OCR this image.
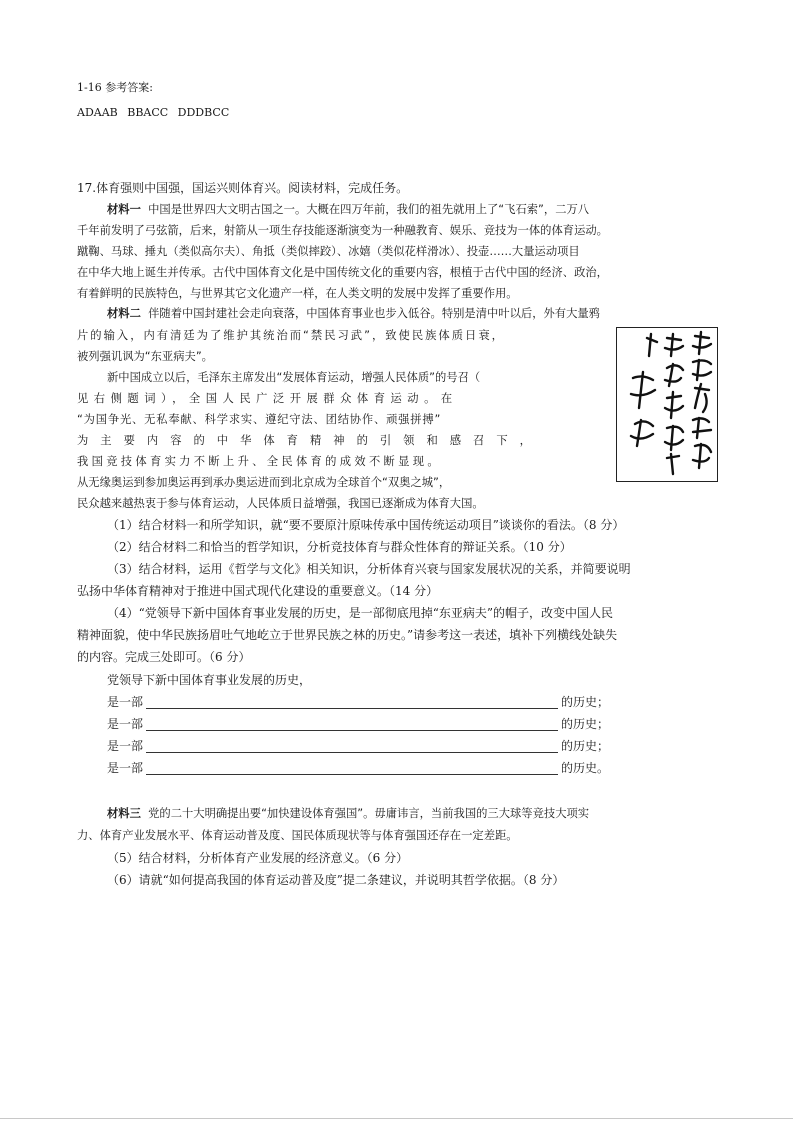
1-16 参考答案:
ADAAB BBACC DDDBCC
17.体育强则中国强，国运兴则体育兴。阅读材料，完成任务。
材料一 中国是世界四大文明古国之一。大概在四万年前，我们的祖先就用上了“飞石索”，二万八
千年前发明了弓弦箭，后来，射箭从一项生存技能逐渐演变为一种融教育、娱乐、竞技为一体的体育运动。
蹴鞠、马球、捶丸（类似高尔夫）、角抵（类似摔跤）、冰嬉（类似花样滑冰）、投壶……大量运动项目
在中华大地上诞生并传承。古代中国体育文化是中国传统文化的重要内容，根植于古代中国的经济、政治，
有着鲜明的民族特色，与世界其它文化遗产一样，在人类文明的发展中发挥了重要作用。
材料二 伴随着中国封建社会走向衰落，中国体育事业也步入低谷。特别是清中叶以后，外有大量鸦
片的输入，内有清廷为了维护其统治而“禁民习武”，致使民族体质日衰，
被列强讥讽为“东亚病夫”。
新中国成立以后，毛泽东主席发出“发展体育运动，增强人民体质”的号召（
见右侧题词），全国人民广泛开展群众体育运动。在
“为国争光、无私奉献、科学求实、遵纪守法、团结协作、顽强拼搏”
为主要内容的中华体育精神的引领和感召下，
我国竞技体育实力不断上升、全民体育的成效不断显现。
从无缘奥运到参加奥运再到承办奥运进而到北京成为全球首个“双奥之城”，
民众越来越热衷于参与体育运动，人民体质日益增强，我国已逐渐成为体育大国。
（1）结合材料一和所学知识，就“要不要原汁原味传承中国传统运动项目”谈谈你的看法。（8 分）
（2）结合材料二和恰当的哲学知识，分析竞技体育与群众性体育的辩证关系。（10 分）
（3）结合材料，运用《哲学与文化》相关知识，分析体育兴衰与国家发展状况的关系，并简要说明
弘扬中华体育精神对于推进中国式现代化建设的重要意义。（14 分）
（4）“党领导下新中国体育事业发展的历史，是一部彻底甩掉“东亚病夫”的帽子，改变中国人民
精神面貌，使中华民族扬眉吐气地屹立于世界民族之林的历史。”请参考这一表述，填补下列横线处缺失
的内容。完成三处即可。（6 分）
党领导下新中国体育事业发展的历史，
是一部	的历史；
是一部	的历史；
是一部	的历史；
是一部	的历史。
材料三 党的二十大明确提出要“加快建设体育强国”。毋庸讳言，当前我国的三大球等竞技大项实
力、体育产业发展水平、体育运动普及度、国民体质现状等与体育强国还存在一定差距。
（5）结合材料，分析体育产业发展的经济意义。（6 分）
（6）请就“如何提高我国的体育运动普及度”提二条建议，并说明其哲学依据。（8 分）
